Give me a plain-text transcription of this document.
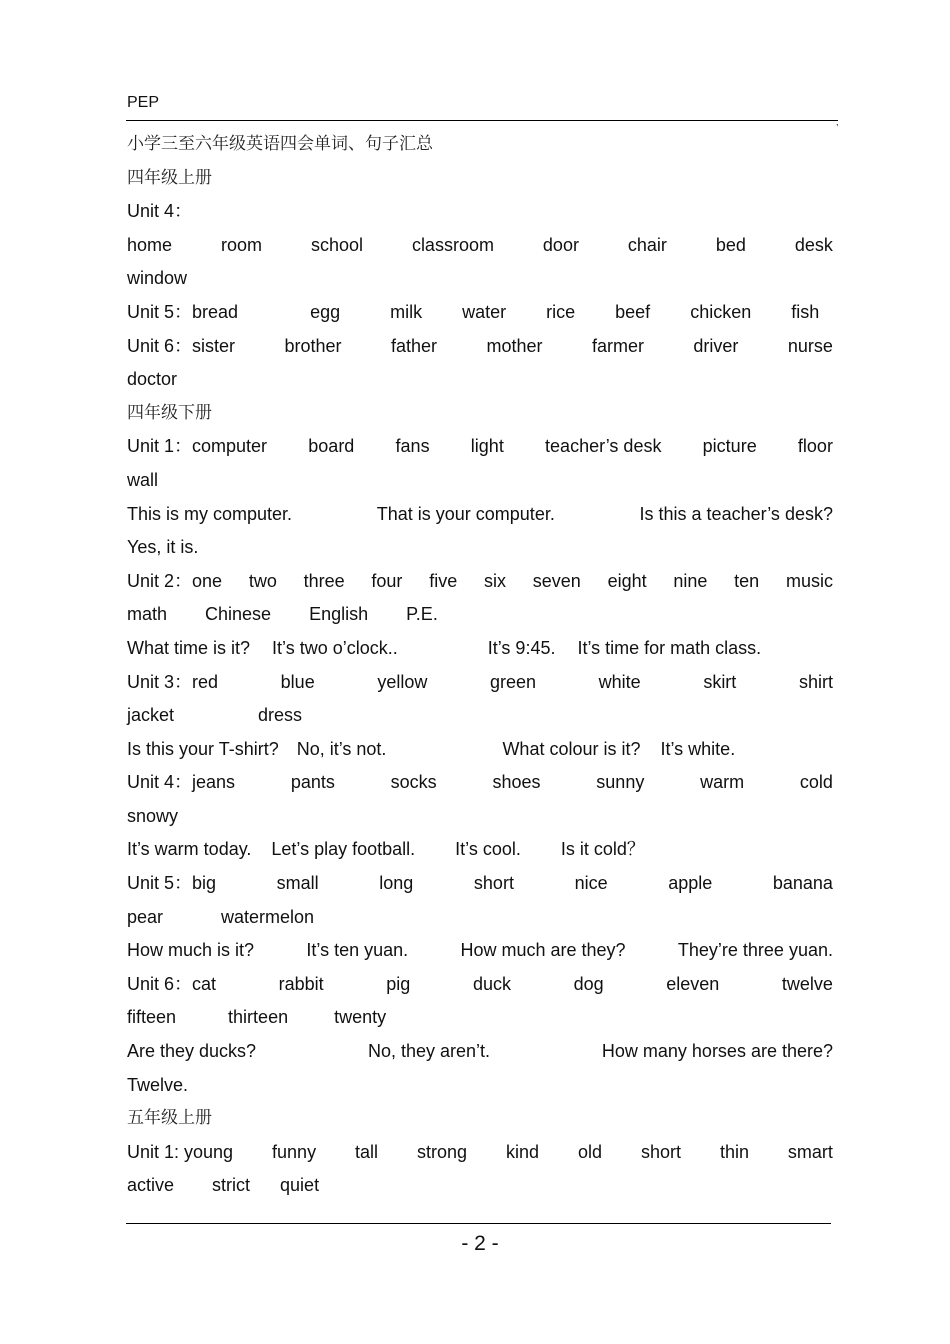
PEP
,
小学三至六年级英语四会单词、句子汇总
四年级上册
Unit 4：
home	room	school	classroom	door	chair	bed	desk
window
Unit 5：bread	egg	milk water rice beef chicken fish
Unit 6：sister	brother	father	mother	farmer	driver	nurse
doctor
四年级下册
Unit 1：computer board fans light teacher’s desk picture floor
wall
This is my computer.	That is your computer.	Is this a teacher’s desk?
Yes, it is.
Unit 2：one two three four five six seven eight nine ten music
math Chinese English P.E.
What time is it? It’s two o’clock..	It’s 9:45. It’s time for math class.
Unit 3：red	blue	yellow	green	white	skirt	shirt
jacket	dress
Is this your T-shirt? No, it’s not.	What colour is it? It’s white.
Unit 4：jeans	pants	socks	shoes	sunny	warm	cold
snowy
It’s warm today. Let’s play football. It’s cool. Is it cold？
Unit 5：big	small	long	short	nice	apple	banana
pear	watermelon
How much is it?	It’s ten yuan.	How much are they?	They’re three yuan.
Unit 6：cat	rabbit	pig	duck	dog	eleven	twelve
fifteen	thirteen	twenty
Are they ducks?	No, they aren’t.	How many horses are there?
Twelve.
五年级上册
Unit 1: young funny tall strong kind old short thin smart
active strict quiet
- 2 -
